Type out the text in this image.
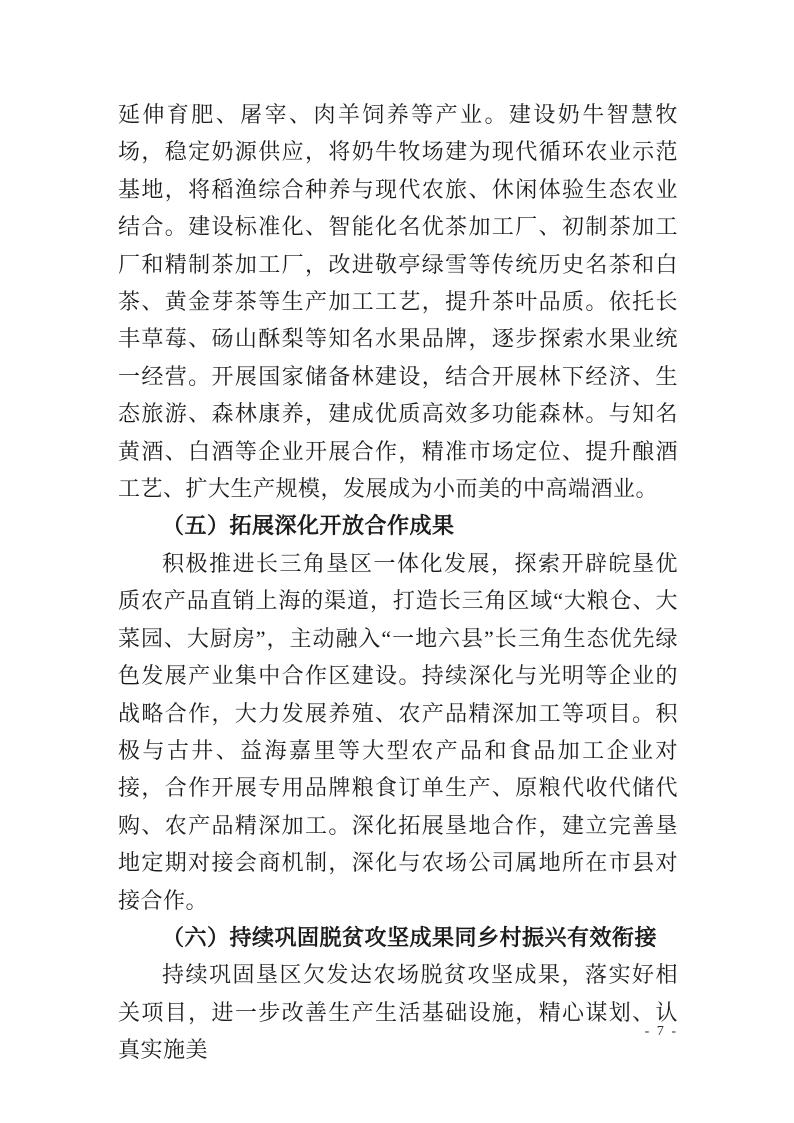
延伸育肥、屠宰、肉羊饲养等产业。建设奶牛智慧牧场，稳定奶源供应，将奶牛牧场建为现代循环农业示范基地，将稻渔综合种养与现代农旅、休闲体验生态农业结合。建设标准化、智能化名优茶加工厂、初制茶加工厂和精制茶加工厂，改进敬亭绿雪等传统历史名茶和白茶、黄金芽茶等生产加工工艺，提升茶叶品质。依托长丰草莓、砀山酥梨等知名水果品牌，逐步探索水果业统一经营。开展国家储备林建设，结合开展林下经济、生态旅游、森林康养，建成优质高效多功能森林。与知名黄酒、白酒等企业开展合作，精准市场定位、提升酿酒工艺、扩大生产规模，发展成为小而美的中高端酒业。

（五）拓展深化开放合作成果

积极推进长三角垦区一体化发展，探索开辟皖垦优质农产品直销上海的渠道，打造长三角区域“大粮仓、大菜园、大厨房”，主动融入“一地六县”长三角生态优先绿色发展产业集中合作区建设。持续深化与光明等企业的战略合作，大力发展养殖、农产品精深加工等项目。积极与古井、益海嘉里等大型农产品和食品加工企业对接，合作开展专用品牌粮食订单生产、原粮代收代储代购、农产品精深加工。深化拓展垦地合作，建立完善垦地定期对接会商机制，深化与农场公司属地所在市县对接合作。

（六）持续巩固脱贫攻坚成果同乡村振兴有效衔接

持续巩固垦区欠发达农场脱贫攻坚成果，落实好相关项目，进一步改善生产生活基础设施，精心谋划、认真实施美

- 7 -
